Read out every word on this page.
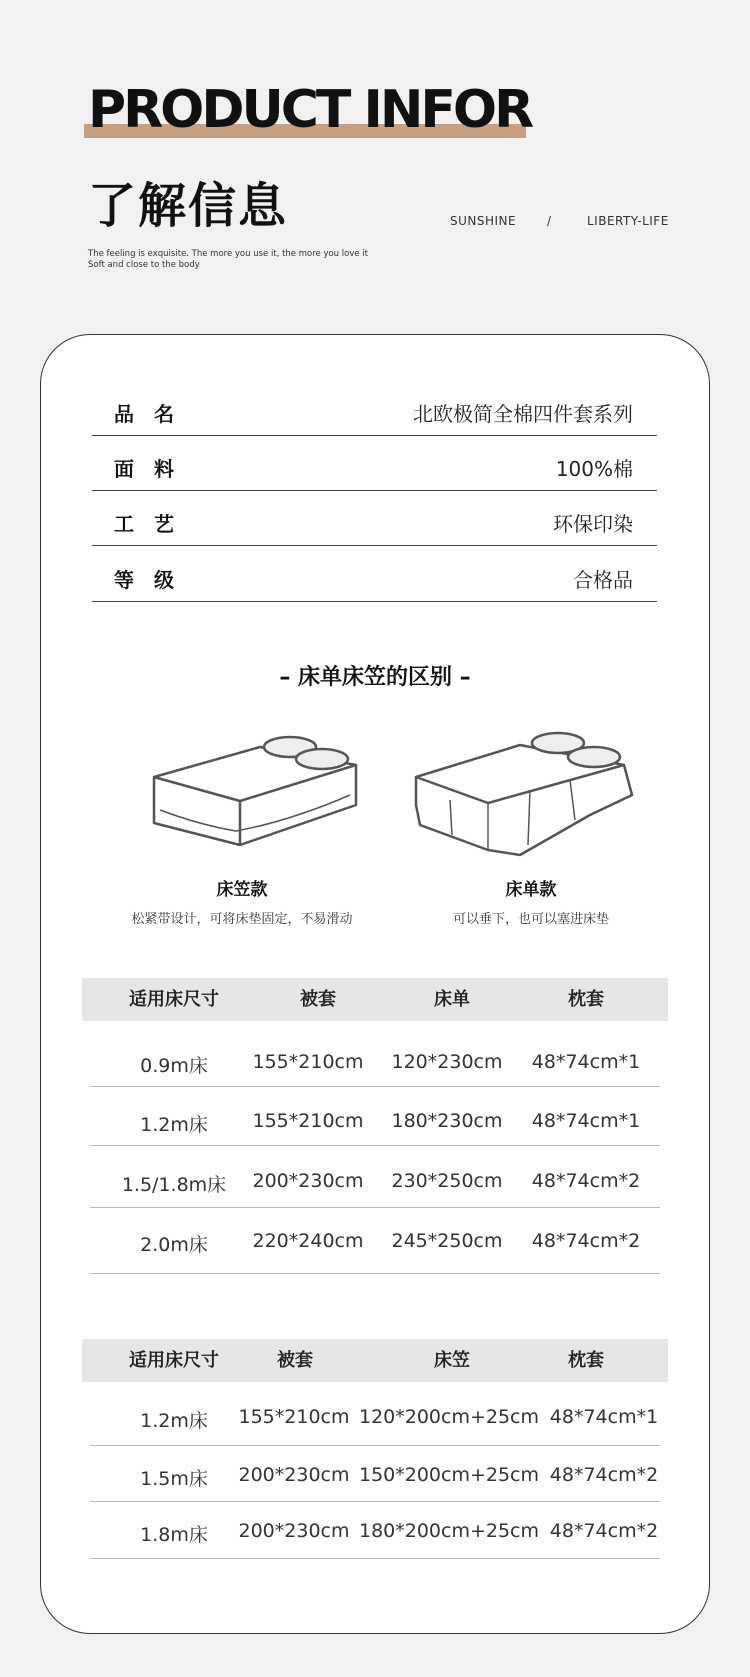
PRODUCT INFOR
了解信息	SUNSHINE	/	LIBERTY-LIFE
The feeling is exquisite. The more you use it, the more you love it
Soft and close to the body
品名	北欧极简全棉四件套系列
面料	100%棉
工艺	环保印染
等级	合格品
– 床单床笠的区别 –
床笠款
松紧带设计，可将床垫固定，不易滑动
床单款
可以垂下，也可以塞进床垫
适用床尺寸	被套	床单	枕套
0.9m床 155*210cm 120*230cm 48*74cm*1
1.2m床 155*210cm 180*230cm 48*74cm*1
1.5/1.8m床 200*230cm 230*250cm 48*74cm*2
2.0m床 220*240cm 245*250cm 48*74cm*2
适用床尺寸	被套	床笠	枕套
1.2m床 155*210cm 120*200cm+25cm 48*74cm*1
1.5m床 200*230cm 150*200cm+25cm 48*74cm*2
1.8m床 200*230cm 180*200cm+25cm 48*74cm*2
